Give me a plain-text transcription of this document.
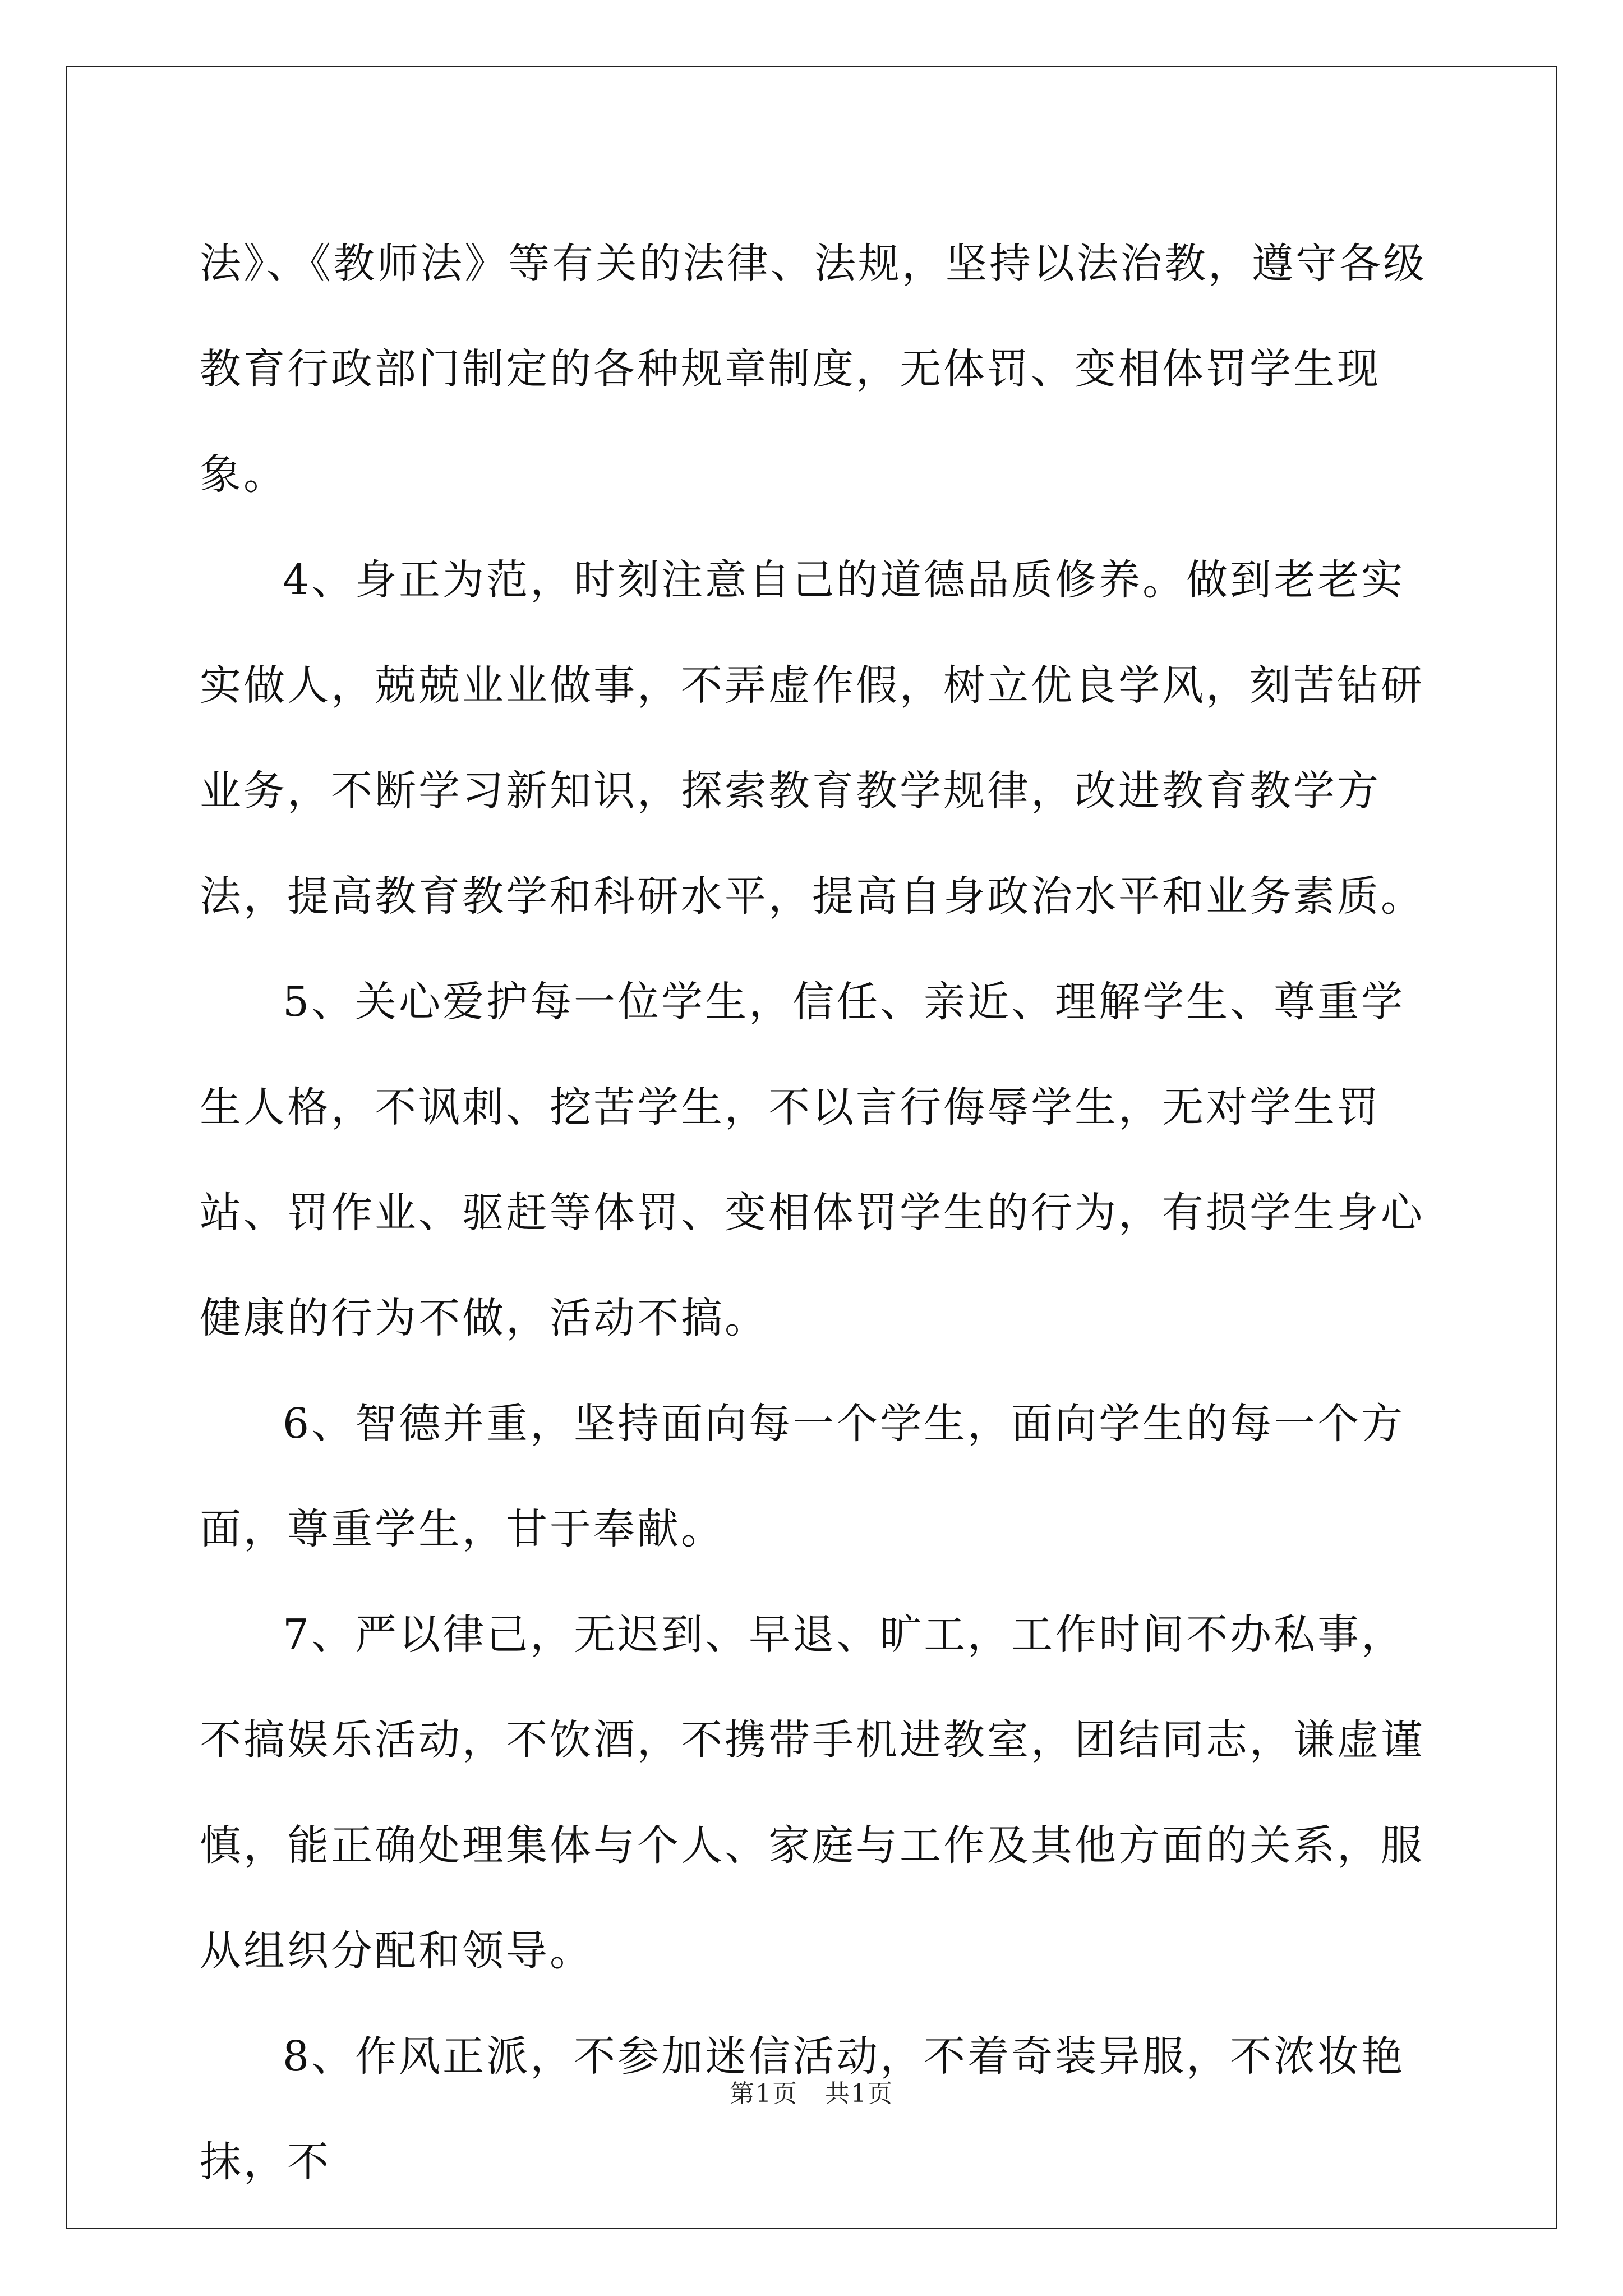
法》、《教师法》等有关的法律、法规，坚持以法治教，遵守各级教育行政部门制定的各种规章制度，无体罚、变相体罚学生现象。

4、身正为范，时刻注意自己的道德品质修养。做到老老实实做人，兢兢业业做事，不弄虚作假，树立优良学风，刻苦钻研业务，不断学习新知识，探索教育教学规律，改进教育教学方法，提高教育教学和科研水平，提高自身政治水平和业务素质。

5、关心爱护每一位学生，信任、亲近、理解学生、尊重学生人格，不讽刺、挖苦学生，不以言行侮辱学生，无对学生罚站、罚作业、驱赶等体罚、变相体罚学生的行为，有损学生身心健康的行为不做，活动不搞。

6、智德并重，坚持面向每一个学生，面向学生的每一个方面，尊重学生，甘于奉献。

7、严以律己，无迟到、早退、旷工，工作时间不办私事，不搞娱乐活动，不饮酒，不携带手机进教室，团结同志，谦虚谨慎，能正确处理集体与个人、家庭与工作及其他方面的关系，服从组织分配和领导。

8、作风正派，不参加迷信活动，不着奇装异服，不浓妆艳抹，不

第1页   共1页
